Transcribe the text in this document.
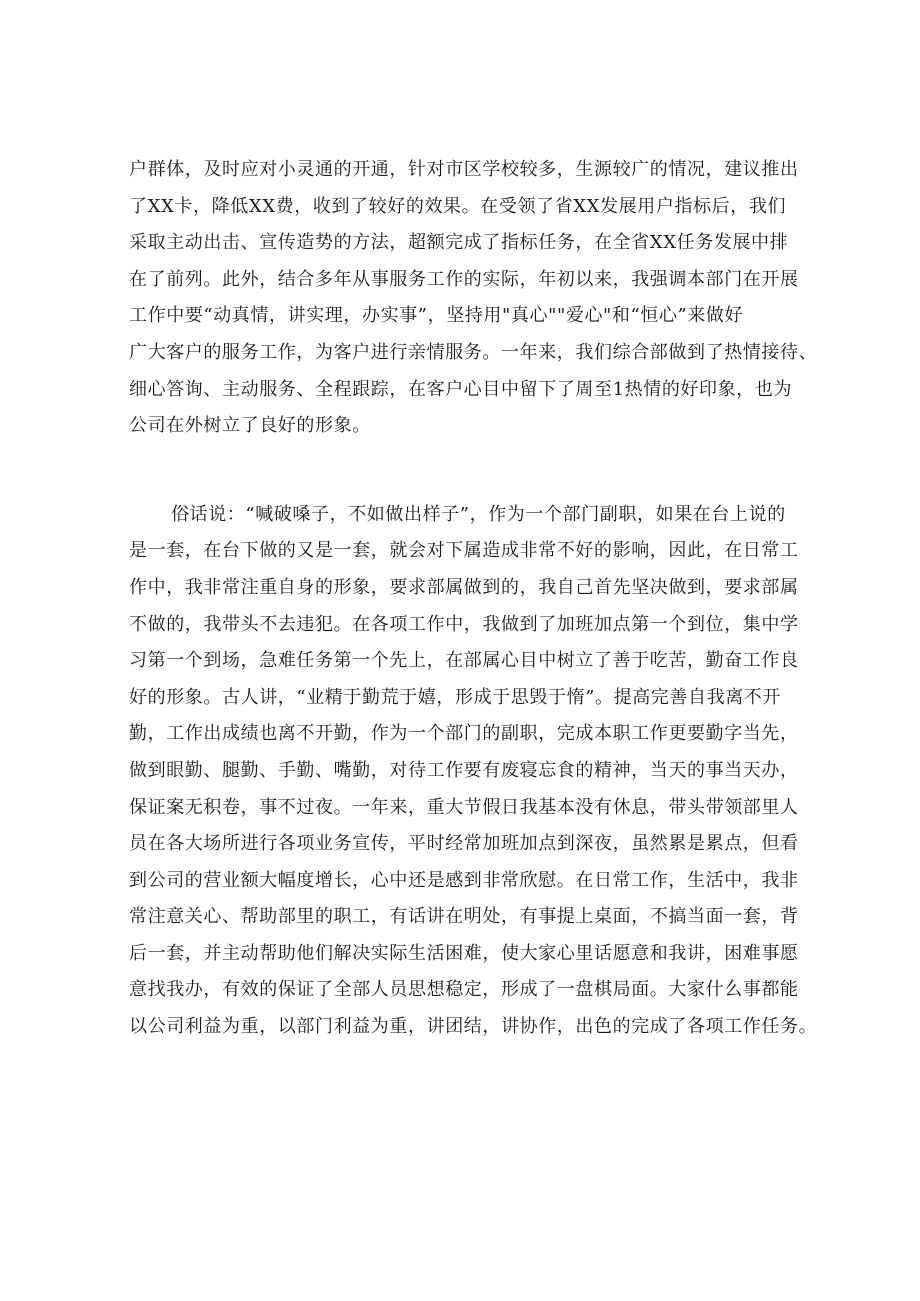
户群体，及时应对小灵通的开通，针对市区学校较多，生源较广的情况，建议推出
了XX卡，降低XX费，收到了较好的效果。在受领了省XX发展用户指标后，我们
采取主动出击、宣传造势的方法，超额完成了指标任务，在全省XX任务发展中排
在了前列。此外，结合多年从事服务工作的实际，年初以来，我强调本部门在开展
工作中要“动真情，讲实理，办实事”，坚持用"真心""爱心"和“恒心”来做好
广大客户的服务工作，为客户进行亲情服务。一年来，我们综合部做到了热情接待、
细心答询、主动服务、全程跟踪，在客户心目中留下了周至1热情的好印象，也为
公司在外树立了良好的形象。
俗话说：“喊破嗓子，不如做出样子”，作为一个部门副职，如果在台上说的
是一套，在台下做的又是一套，就会对下属造成非常不好的影响，因此，在日常工
作中，我非常注重自身的形象，要求部属做到的，我自己首先坚决做到，要求部属
不做的，我带头不去违犯。在各项工作中，我做到了加班加点第一个到位，集中学
习第一个到场，急难任务第一个先上，在部属心目中树立了善于吃苦，勤奋工作良
好的形象。古人讲，“业精于勤荒于嬉，形成于思毁于惰”。提高完善自我离不开
勤，工作出成绩也离不开勤，作为一个部门的副职，完成本职工作更要勤字当先，
做到眼勤、腿勤、手勤、嘴勤，对待工作要有废寝忘食的精神，当天的事当天办，
保证案无积卷，事不过夜。一年来，重大节假日我基本没有休息，带头带领部里人
员在各大场所进行各项业务宣传，平时经常加班加点到深夜，虽然累是累点，但看
到公司的营业额大幅度增长，心中还是感到非常欣慰。在日常工作，生活中，我非
常注意关心、帮助部里的职工，有话讲在明处，有事提上桌面，不搞当面一套，背
后一套，并主动帮助他们解决实际生活困难，使大家心里话愿意和我讲，困难事愿
意找我办，有效的保证了全部人员思想稳定，形成了一盘棋局面。大家什么事都能
以公司利益为重，以部门利益为重，讲团结，讲协作，出色的完成了各项工作任务。
